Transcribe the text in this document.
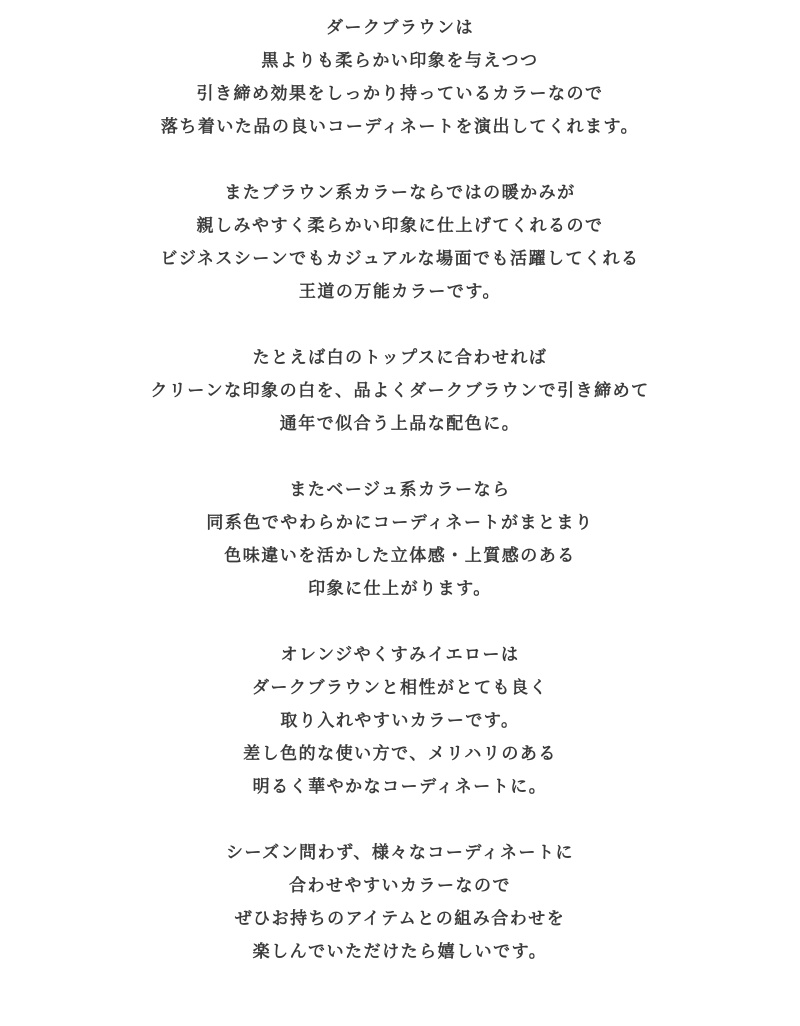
ダークブラウンは
黒よりも柔らかい印象を与えつつ
引き締め効果をしっかり持っているカラーなので
落ち着いた品の良いコーディネートを演出してくれます。
またブラウン系カラーならではの暖かみが
親しみやすく柔らかい印象に仕上げてくれるので
ビジネスシーンでもカジュアルな場面でも活躍してくれる
王道の万能カラーです。
たとえば白のトップスに合わせれば
クリーンな印象の白を、品よくダークブラウンで引き締めて
通年で似合う上品な配色に。
またベージュ系カラーなら
同系色でやわらかにコーディネートがまとまり
色味違いを活かした立体感・上質感のある
印象に仕上がります。
オレンジやくすみイエローは
ダークブラウンと相性がとても良く
取り入れやすいカラーです。
差し色的な使い方で、メリハリのある
明るく華やかなコーディネートに。
シーズン問わず、様々なコーディネートに
合わせやすいカラーなので
ぜひお持ちのアイテムとの組み合わせを
楽しんでいただけたら嬉しいです。
